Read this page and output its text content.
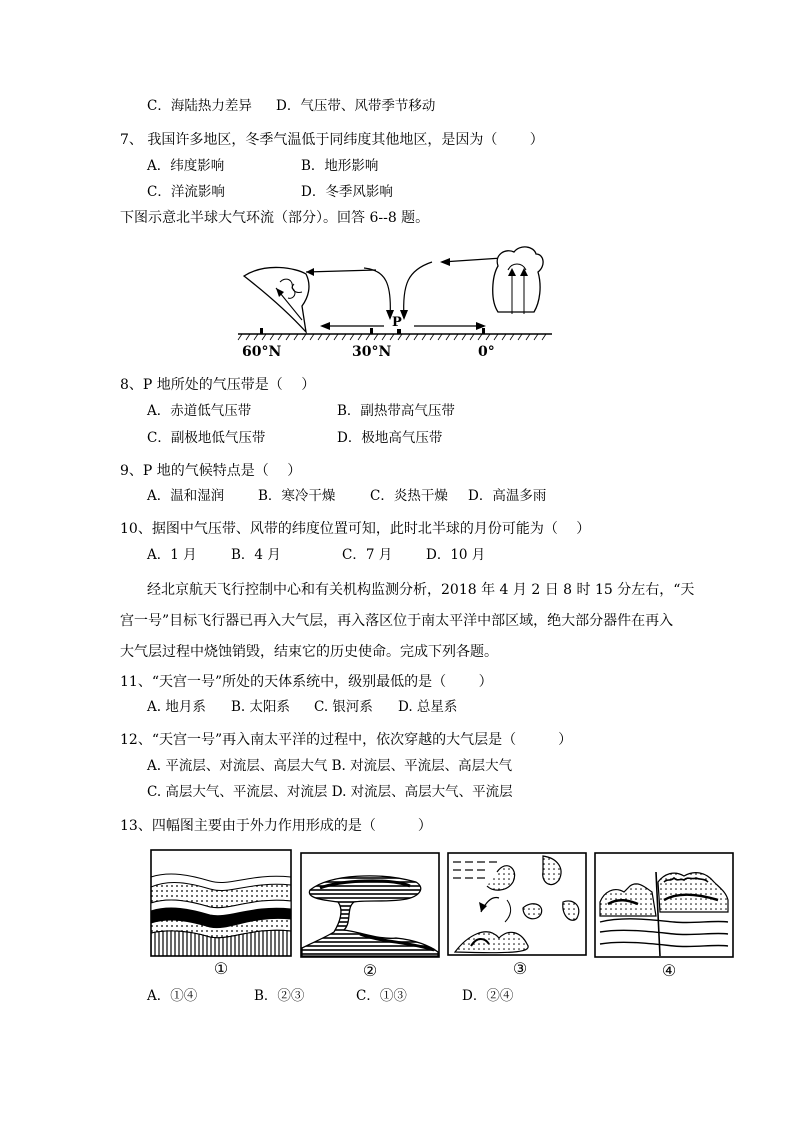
C．海陆热力差异 D．气压带、风带季节移动
7、 我国许多地区，冬季气温低于同纬度其他地区，是因为（　　 ）
A．纬度影响	B．地形影响
C．洋流影响	D．冬季风影响
下图示意北半球大气环流（部分）。回答 6--8 题。
60°N	30°N
P
0°
8、P 地所处的气压带是（　 ）
A．赤道低气压带	B．副热带高气压带
C．副极地低气压带	D．极地高气压带
9、P 地的气候特点是（　 ）
A．温和湿润	B．寒冷干燥	C．炎热干燥 D．高温多雨
10、据图中气压带、风带的纬度位置可知，此时北半球的月份可能为（　 ）
A．1 月	B．4 月	C．7 月	D．10 月
经北京航天飞行控制中心和有关机构监测分析，2018 年 4 月 2 日 8 时 15 分左右，“天
宫一号”目标飞行器已再入大气层，再入落区位于南太平洋中部区域，绝大部分器件在再入
大气层过程中烧蚀销毁，结束它的历史使命。完成下列各题。
11、“天宫一号”所处的天体系统中，级别最低的是（　　 ）
A. 地月系 B. 太阳系 C. 银河系 D. 总星系
12、“天宫一号”再入南太平洋的过程中，依次穿越的大气层是（　　　）
A. 平流层、对流层、高层大气 B. 对流层、平流层、高层大气
C. 高层大气、平流层、对流层 D. 对流层、高层大气、平流层
13、四幅图主要由于外力作用形成的是（　　　）
①	②	③	④
A．①④	B．②③	C．①③	D．②④
